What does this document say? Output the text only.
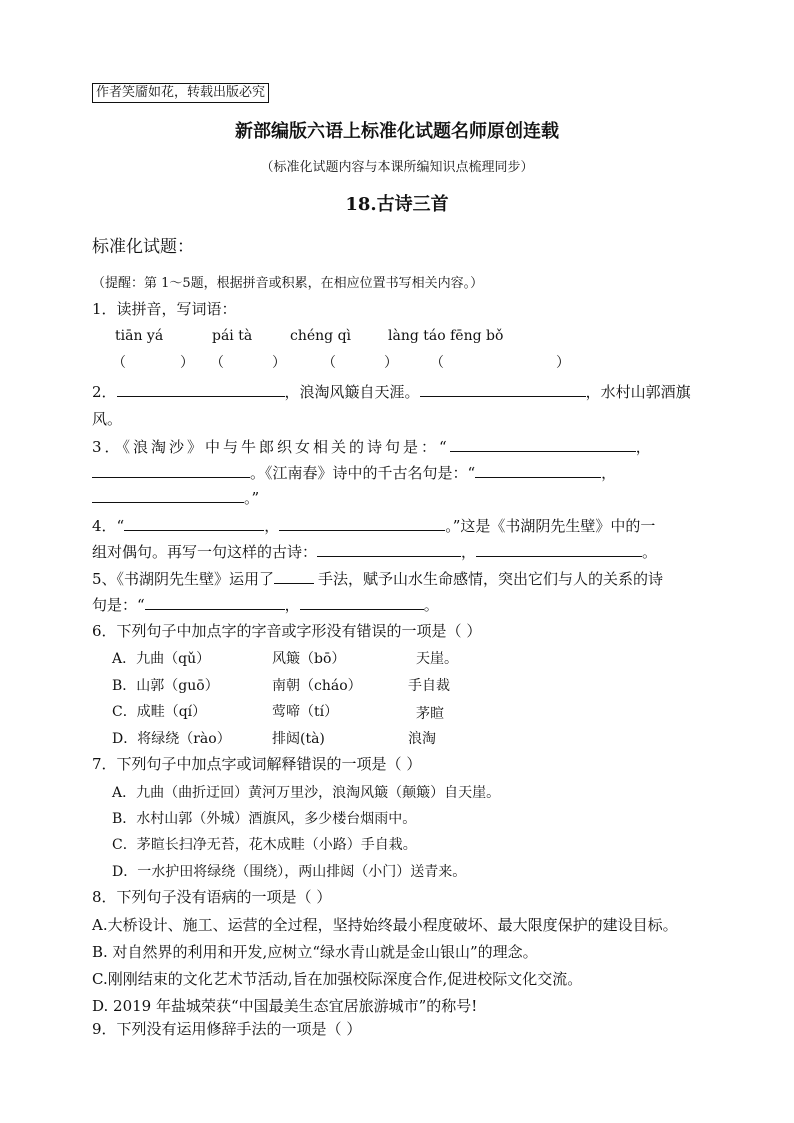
作者笑靥如花，转载出版必究
新部编版六语上标准化试题名师原创连载
（标准化试题内容与本课所编知识点梳理同步）
18.古诗三首
标准化试题：
（提醒：第 1～5题，根据拼音或积累，在相应位置书写相关内容。）
1．读拼音，写词语：
tiān yá	pái tà	chéng qì	làng táo fēng bǒ
（	） （	）	（	） （	）
2．	，浪淘风簸自天涯。	，水村山郭酒旗
风。
3．《浪淘沙》中与牛郎织女相关的诗句是：“	，
。《江南春》诗中的千古名句是：“	，
。”
4．“	，	。”这是《书湖阴先生壁》中的一
组对偶句。再写一句这样的古诗：	，	。
5、《书湖阴先生壁》运用了	手法，赋予山水生命感情，突出它们与人的关系的诗
句是：“	，	。
6．下列句子中加点字的字音或字形没有错误的一项是（ ）
A．九曲（qǔ）	风簸（bō）	天崖。
B．山郭（guō）	南朝（cháo）	手自裁
C．成畦（qí）	莺啼（tí）	茅睻
D．将绿绕（rào）	排闼(tà)	浪淘
7．下列句子中加点字或词解释错误的一项是（ ）
A．九曲（曲折迂回）黄河万里沙，浪淘风簸（颠簸）自天崖。
B．水村山郭（外城）酒旗风，多少楼台烟雨中。
C．茅睻长扫净无苔，花木成畦（小路）手自栽。
D．一水护田将绿绕（围绕），两山排闼（小门）送青来。
8．下列句子没有语病的一项是（ ）
A.大桥设计、施工、运营的全过程，坚持始终最小程度破坏、最大限度保护的建设目标。
B. 对自然界的利用和开发,应树立“绿水青山就是金山银山”的理念。
C.刚刚结束的文化艺术节活动,旨在加强校际深度合作,促进校际文化交流。
D. 2019 年盐城荣获“中国最美生态宜居旅游城市”的称号!
9．下列没有运用修辞手法的一项是（ ）
